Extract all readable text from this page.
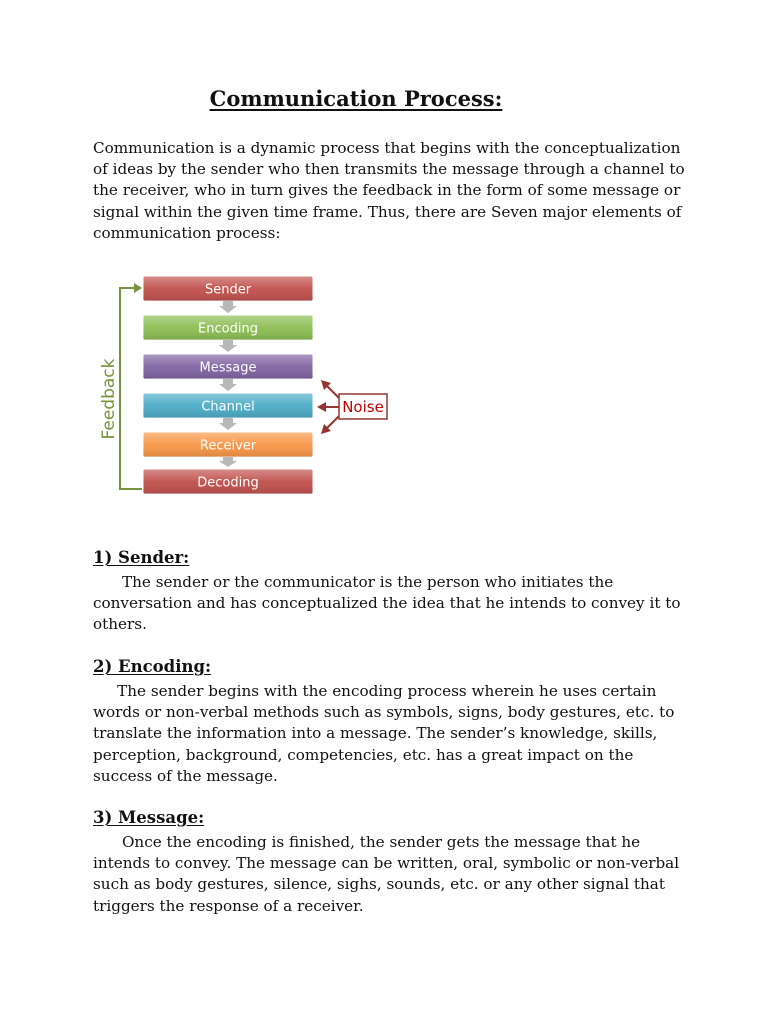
Communication Process:

Communication is a dynamic process that begins with the conceptualization
of ideas by the sender who then transmits the message through a channel to
the receiver, who in turn gives the feedback in the form of some message or
signal within the given time frame. Thus, there are Seven major elements of
communication process:

Feedback
Sender
Encoding
Message
Channel
Receiver
Decoding
Noise
1) Sender:

The sender or the communicator is the person who initiates the
conversation and has conceptualized the idea that he intends to convey it to
others.

2) Encoding:

The sender begins with the encoding process wherein he uses certain
words or non-verbal methods such as symbols, signs, body gestures, etc. to
translate the information into a message. The sender’s knowledge, skills,
perception, background, competencies, etc. has a great impact on the
success of the message.

3) Message:

Once the encoding is finished, the sender gets the message that he
intends to convey. The message can be written, oral, symbolic or non-verbal
such as body gestures, silence, sighs, sounds, etc. or any other signal that
triggers the response of a receiver.
